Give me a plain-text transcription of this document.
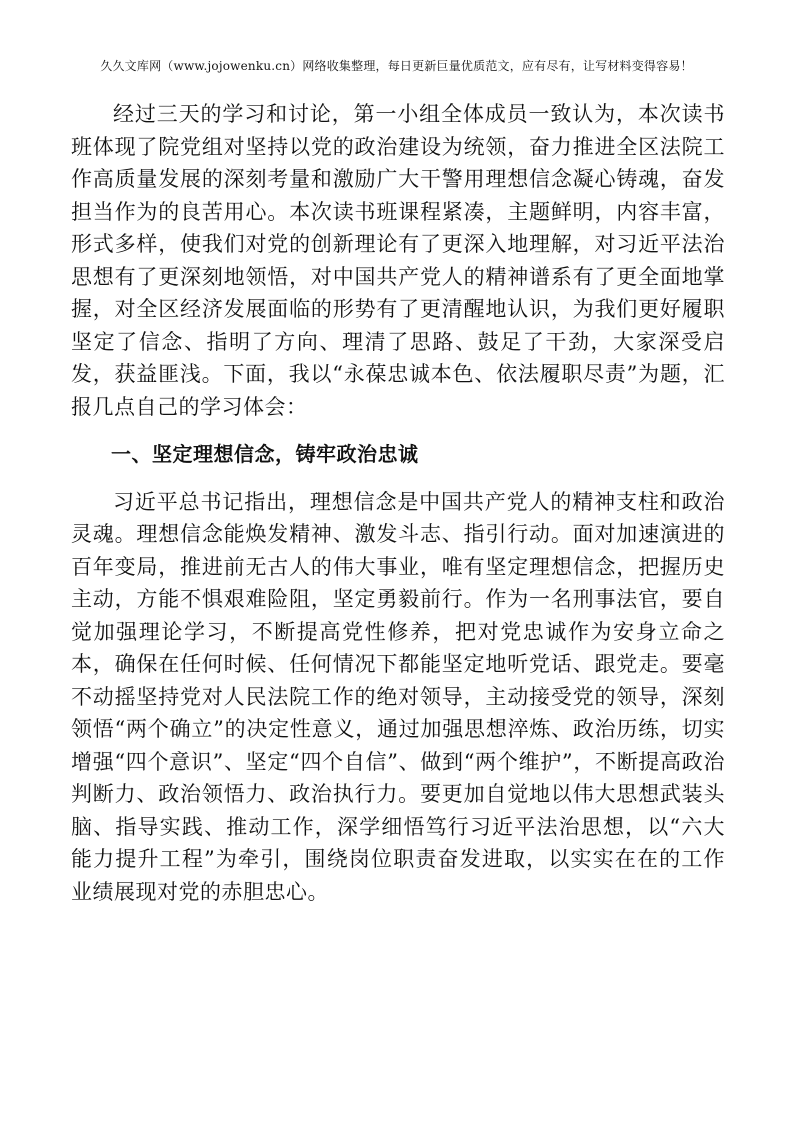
久久文库网（www.jojowenku.cn）网络收集整理，每日更新巨量优质范文，应有尽有，让写材料变得容易！

经过三天的学习和讨论，第一小组全体成员一致认为，本次读书班体现了院党组对坚持以党的政治建设为统领，奋力推进全区法院工作高质量发展的深刻考量和激励广大干警用理想信念凝心铸魂，奋发担当作为的良苦用心。本次读书班课程紧凑，主题鲜明，内容丰富，形式多样，使我们对党的创新理论有了更深入地理解，对习近平法治思想有了更深刻地领悟，对中国共产党人的精神谱系有了更全面地掌握，对全区经济发展面临的形势有了更清醒地认识，为我们更好履职坚定了信念、指明了方向、理清了思路、鼓足了干劲，大家深受启发，获益匪浅。下面，我以“永葆忠诚本色、依法履职尽责”为题，汇报几点自己的学习体会：

一、坚定理想信念，铸牢政治忠诚

习近平总书记指出，理想信念是中国共产党人的精神支柱和政治灵魂。理想信念能焕发精神、激发斗志、指引行动。面对加速演进的百年变局，推进前无古人的伟大事业，唯有坚定理想信念，把握历史主动，方能不惧艰难险阻，坚定勇毅前行。作为一名刑事法官，要自觉加强理论学习，不断提高党性修养，把对党忠诚作为安身立命之本，确保在任何时候、任何情况下都能坚定地听党话、跟党走。要毫不动摇坚持党对人民法院工作的绝对领导，主动接受党的领导，深刻领悟“两个确立”的决定性意义，通过加强思想淬炼、政治历练，切实增强“四个意识”、坚定“四个自信”、做到“两个维护”，不断提高政治判断力、政治领悟力、政治执行力。要更加自觉地以伟大思想武装头脑、指导实践、推动工作，深学细悟笃行习近平法治思想，以“六大能力提升工程”为牵引，围绕岗位职责奋发进取，以实实在在的工作业绩展现对党的赤胆忠心。
